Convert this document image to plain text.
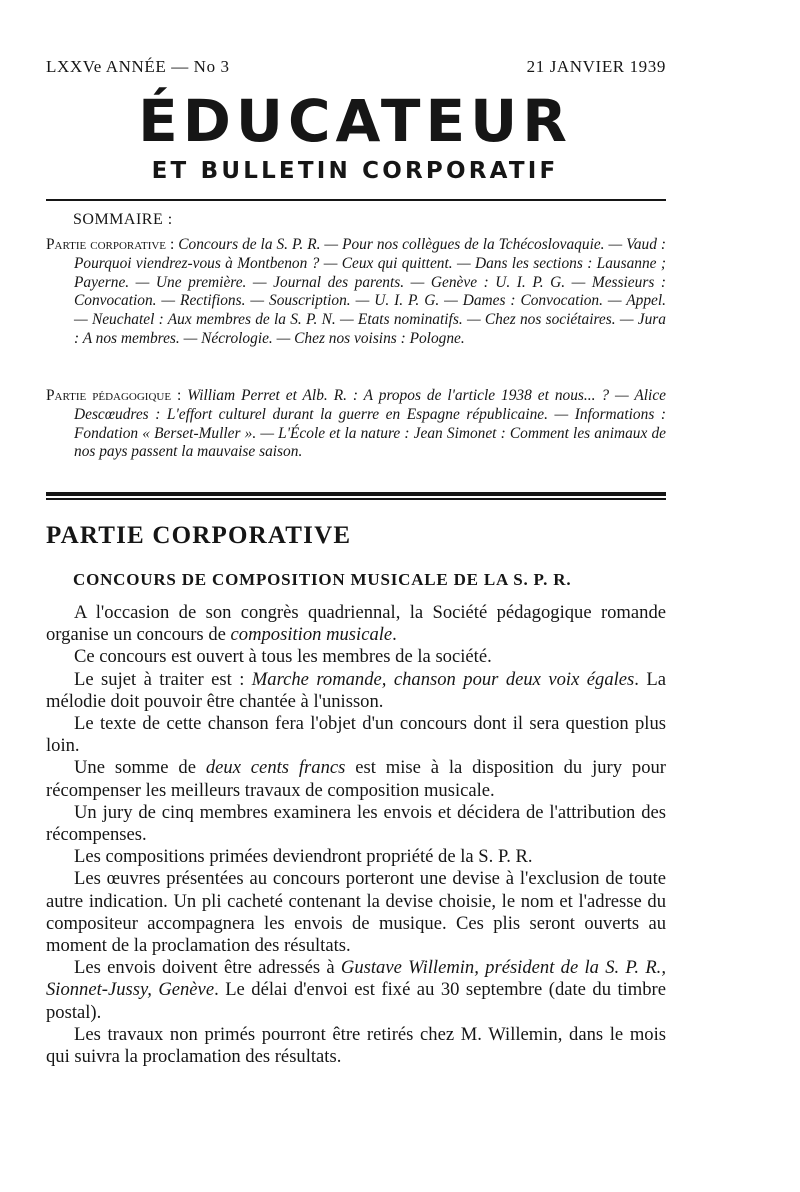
LXXVe ANNÉE — No 3	21 JANVIER 1939
ÉDUCATEUR
ET BULLETIN CORPORATIF
SOMMAIRE :

Partie corporative : Concours de la S. P. R. — Pour nos collègues de la Tchécoslovaquie. — Vaud : Pourquoi viendrez-vous à Montbenon ? — Ceux qui quittent. — Dans les sections : Lausanne ; Payerne. — Une première. — Journal des parents. — Genève : U. I. P. G. — Messieurs : Convocation. — Rectifions. — Souscription. — U. I. P. G. — Dames : Convocation. — Appel. — Neuchatel : Aux membres de la S. P. N. — Etats nominatifs. — Chez nos sociétaires. — Jura : A nos membres. — Nécrologie. — Chez nos voisins : Pologne.

Partie pédagogique : William Perret et Alb. R. : A propos de l'article 1938 et nous... ? — Alice Descœudres : L'effort culturel durant la guerre en Espagne républicaine. — Informations : Fondation « Berset-Muller ». — L'École et la nature : Jean Simonet : Comment les animaux de nos pays passent la mauvaise saison.

PARTIE CORPORATIVE
CONCOURS DE COMPOSITION MUSICALE DE LA S. P. R.

A l'occasion de son congrès quadriennal, la Société pédagogique romande organise un concours de composition musicale.

Ce concours est ouvert à tous les membres de la société.

Le sujet à traiter est : Marche romande, chanson pour deux voix égales. La mélodie doit pouvoir être chantée à l'unisson.

Le texte de cette chanson fera l'objet d'un concours dont il sera question plus loin.

Une somme de deux cents francs est mise à la disposition du jury pour récompenser les meilleurs travaux de composition musicale.

Un jury de cinq membres examinera les envois et décidera de l'attribution des récompenses.

Les compositions primées deviendront propriété de la S. P. R.

Les œuvres présentées au concours porteront une devise à l'exclusion de toute autre indication. Un pli cacheté contenant la devise choisie, le nom et l'adresse du compositeur accompagnera les envois de musique. Ces plis seront ouverts au moment de la proclamation des résultats.

Les envois doivent être adressés à Gustave Willemin, président de la S. P. R., Sionnet-Jussy, Genève. Le délai d'envoi est fixé au 30 septembre (date du timbre postal).

Les travaux non primés pourront être retirés chez M. Willemin, dans le mois qui suivra la proclamation des résultats.
